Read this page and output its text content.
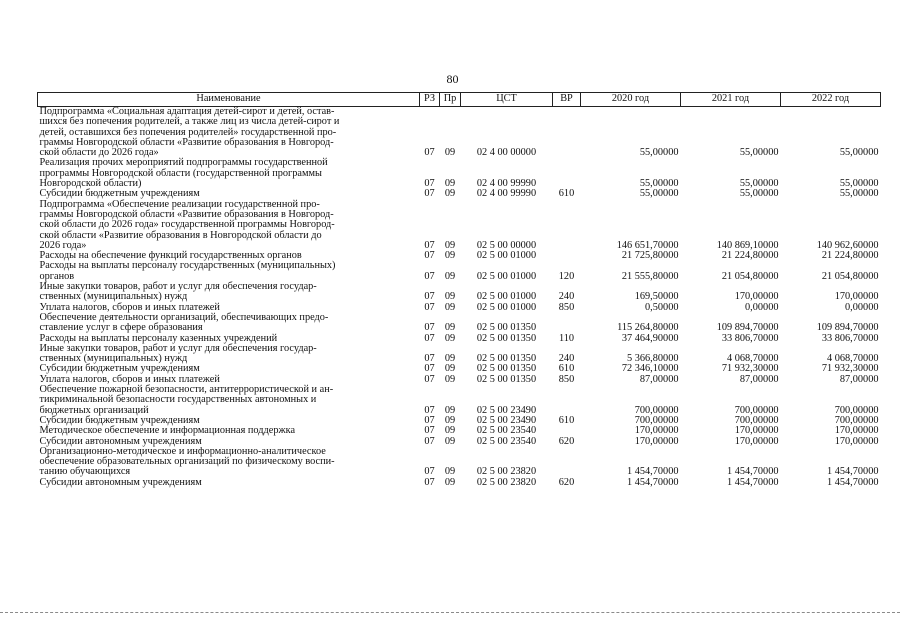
80
Наименование	РЗ	Пр	ЦСТ	ВР	2020 год	2021 год	2022 год

Подпрограмма «Социальная адаптация детей-сирот и детей, остав-
шихся без попечения родителей, а также лиц из числа детей-сирот и
детей, оставшихся без попечения родителей» государственной про-
граммы Новгородской области «Развитие образования в Новгород-
ской области до 2026 года»	07	09	02 4 00 00000		55,00000	55,00000	55,00000

Реализация прочих мероприятий подпрограммы государственной
программы Новгородской области (государственной программы
Новгородской области)	07	09	02 4 00 99990		55,00000	55,00000	55,00000

Субсидии бюджетным учреждениям	07	09	02 4 00 99990	610	55,00000	55,00000	55,00000

Подпрограмма «Обеспечение реализации государственной про-
граммы Новгородской области «Развитие образования в Новгород-
ской области до 2026 года» государственной программы Новгород-
ской области «Развитие образования в Новгородской области до
2026 года»	07	09	02 5 00 00000		146 651,70000	140 869,10000	140 962,60000

Расходы на обеспечение функций государственных органов	07	09	02 5 00 01000		21 725,80000	21 224,80000	21 224,80000

Расходы на выплаты персоналу государственных (муниципальных)
органов	07	09	02 5 00 01000	120	21 555,80000	21 054,80000	21 054,80000

Иные закупки товаров, работ и услуг для обеспечения государ-
ственных (муниципальных) нужд	07	09	02 5 00 01000	240	169,50000	170,00000	170,00000

Уплата налогов, сборов и иных платежей	07	09	02 5 00 01000	850	0,50000	0,00000	0,00000

Обеспечение деятельности организаций, обеспечивающих предо-
ставление услуг в сфере образования	07	09	02 5 00 01350		115 264,80000	109 894,70000	109 894,70000

Расходы на выплаты персоналу казенных учреждений	07	09	02 5 00 01350	110	37 464,90000	33 806,70000	33 806,70000

Иные закупки товаров, работ и услуг для обеспечения государ-
ственных (муниципальных) нужд	07	09	02 5 00 01350	240	5 366,80000	4 068,70000	4 068,70000

Субсидии бюджетным учреждениям	07	09	02 5 00 01350	610	72 346,10000	71 932,30000	71 932,30000

Уплата налогов, сборов и иных платежей	07	09	02 5 00 01350	850	87,00000	87,00000	87,00000

Обеспечение пожарной безопасности, антитеррористической и ан-
тикриминальной безопасности государственных автономных и
бюджетных организаций	07	09	02 5 00 23490		700,00000	700,00000	700,00000

Субсидии бюджетным учреждениям	07	09	02 5 00 23490	610	700,00000	700,00000	700,00000

Методическое обеспечение и информационная поддержка	07	09	02 5 00 23540		170,00000	170,00000	170,00000

Субсидии автономным учреждениям	07	09	02 5 00 23540	620	170,00000	170,00000	170,00000

Организационно-методическое и информационно-аналитическое
обеспечение образовательных организаций по физическому воспи-
танию обучающихся	07	09	02 5 00 23820		1 454,70000	1 454,70000	1 454,70000

Субсидии автономным учреждениям	07	09	02 5 00 23820	620	1 454,70000	1 454,70000	1 454,70000
